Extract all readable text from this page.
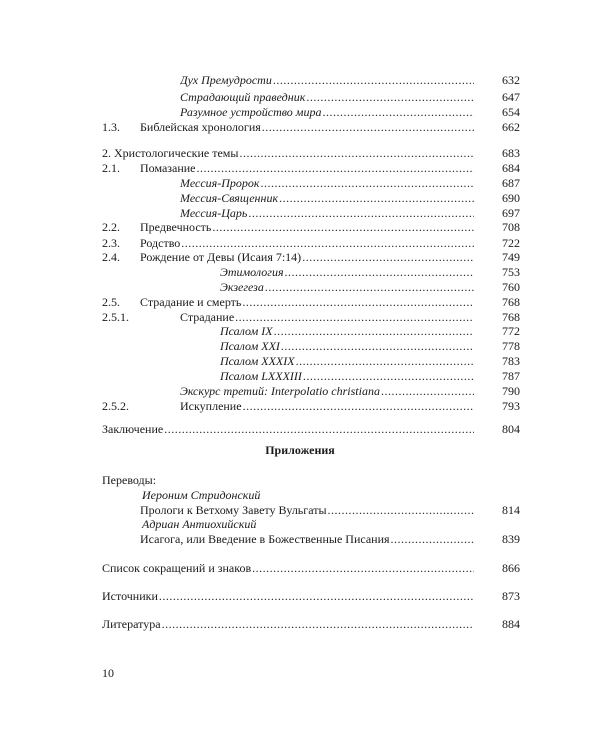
Дух Премудрости .....	632
Страдающий праведник .....	647
Разумное устройство мира .....	654
1.3. Библейская хронология .....	662
2. Христологические темы .....	683
2.1. Помазание .....	684
Мессия-Пророк .....	687
Мессия-Священник .....	690
Мессия-Царь .....	697
2.2. Предвечность .....	708
2.3. Родство .....	722
2.4. Рождение от Девы (Исаия 7:14) .....	749
Этимология .....	753
Экзегеза .....	760
2.5. Страдание и смерть .....	768
2.5.1.	Страдание .....	768
Псалом IX .....	772
Псалом XXI .....	778
Псалом XXXIX .....	783
Псалом LXXXIII .....	787
Экскурс третий: Interpolatio christiana .....	790
2.5.2.	Искупление .....	793
Заключение .....	804
Приложения
Переводы:
Иероним Стридонский
Прологи к Ветхому Завету Вульгаты .....	814
Адриан Антиохийский
Исагога, или Введение в Божественные Писания .....	839
Список сокращений и знаков .....	866
Источники .....	873
Литература .....	884
10
